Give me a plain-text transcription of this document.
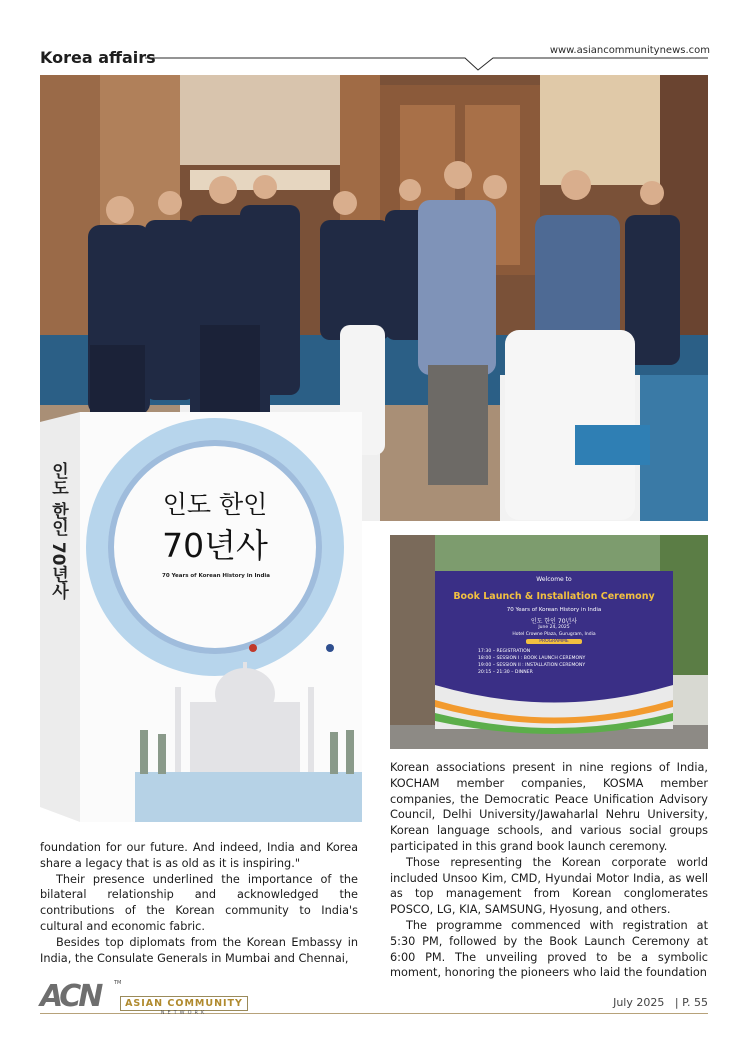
Korea affairs	www.asiancommunitynews.com
Welcome to
Book Launch & Installation Ceremony
70 Years of Korean History in India
인도 한인 70년사
June 24, 2025
Hotel Crowne Plaza, Gurugram, India
PROGRAMME
17:30 – REGISTRATION
18:00 – SESSION I : BOOK LAUNCH CEREMONY
19:00 – SESSION II : INSTALLATION CEREMONY
20:15 – 21:30 – DINNER
인도 한인
70년사
70 Years of Korean History in India
인도 한인 70년사

foundation for our future. And indeed, India and Korea share a legacy that is as old as it is inspiring."

Their presence underlined the importance of the bilateral relationship and acknowledged the contributions of the Korean community to India's cultural and economic fabric.

Besides top diplomats from the Korean Embassy in India, the Consulate Generals in Mumbai and Chennai,

Korean associations present in nine regions of India, KOCHAM member companies, KOSMA member companies, the Democratic Peace Unification Advisory Council, Delhi University/Jawaharlal Nehru University, Korean language schools, and various social groups participated in this grand book launch ceremony.

Those representing the Korean corporate world included Unsoo Kim, CMD, Hyundai Motor India, as well as top management from Korean conglomerates POSCO, LG, KIA, SAMSUNG, Hyosung, and others.

The programme commenced with registration at 5:30 PM, followed by the Book Launch Ceremony at 6:00 PM. The unveiling proved to be a symbolic moment, honoring the pioneers who laid the foundation

ACN	TM
ASIAN COMMUNITY
NETWORK
July 2025 | P. 55
